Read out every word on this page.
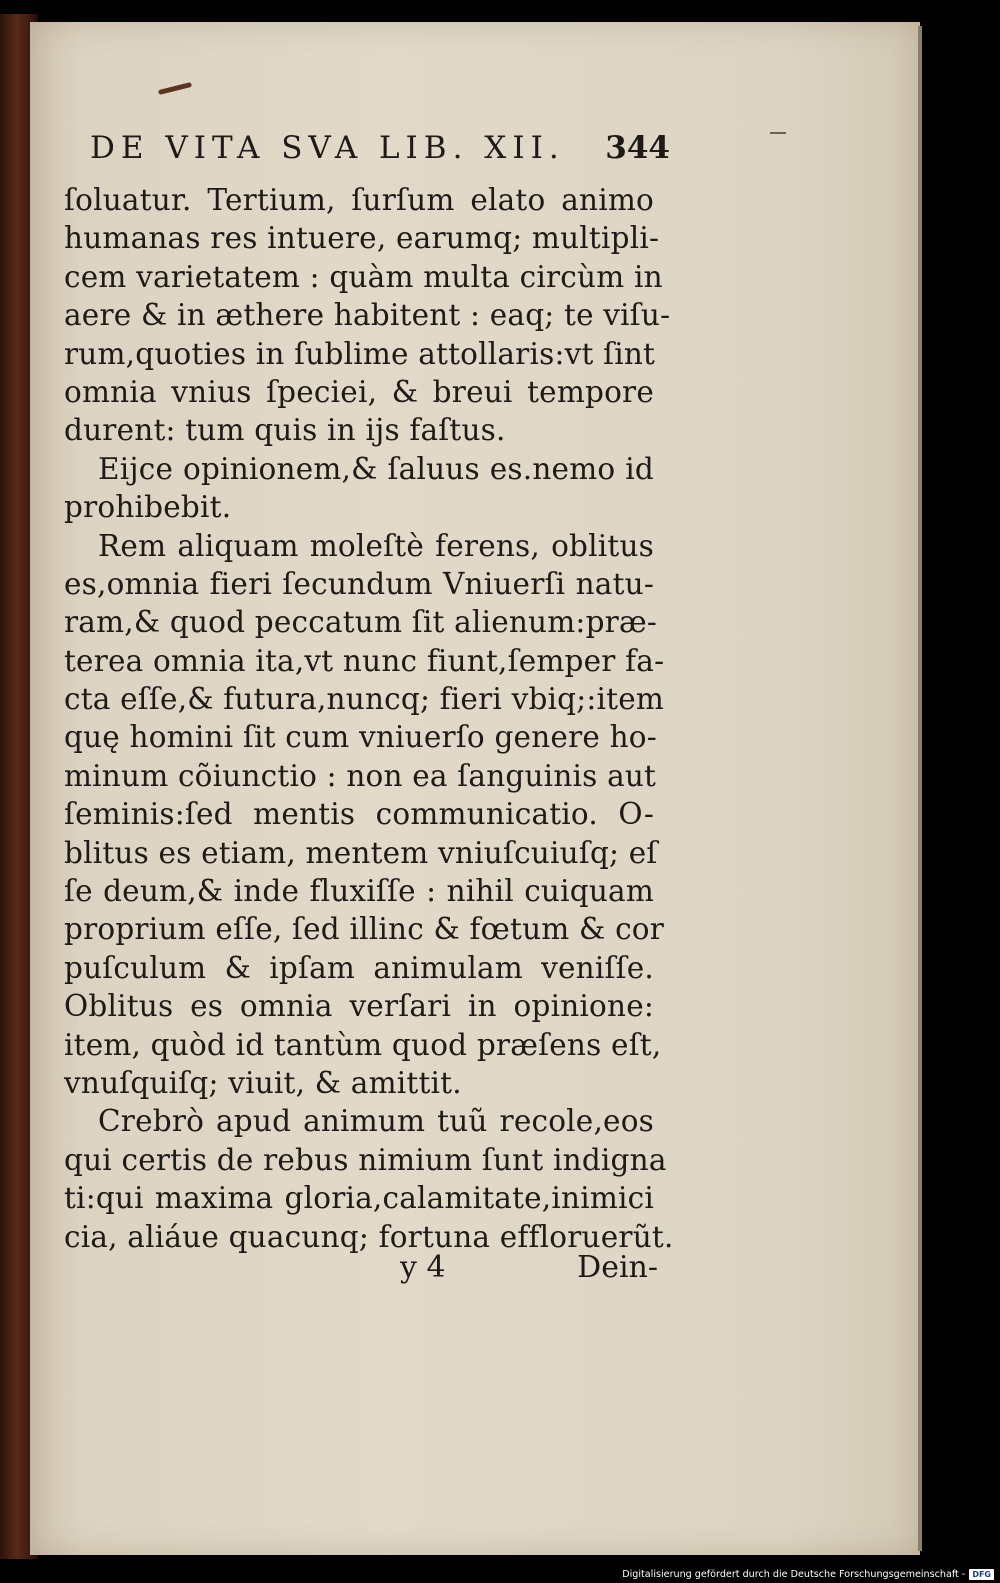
DE VITA SVA LIB. XII. 344
ſoluatur. Tertium, ſurſum elato animo
humanas res intuere, earumq; multipli-
cem varietatem : quàm multa circùm in
aere & in æthere habitent : eaq; te viſu-
rum,quoties in ſublime attollaris:vt ſint
omnia vnius ſpeciei, & breui tempore
durent: tum quis in ijs faſtus.
Eijce opinionem,& ſaluus es.nemo id
prohibebit.
Rem aliquam moleſtè ferens, oblitus
es,omnia fieri ſecundum Vniuerſi natu-
ram,& quod peccatum ſit alienum:præ-
terea omnia ita,vt nunc fiunt,ſemper fa-
cta eſſe,& futura,nuncq; fieri vbiq;:item
quę homini ſit cum vniuerſo genere ho-
minum cõiunctio : non ea ſanguinis aut
ſeminis:ſed mentis communicatio. O-
blitus es etiam, mentem vniuſcuiuſq; eſ
ſe deum,& inde fluxiſſe : nihil cuiquam
proprium eſſe, ſed illinc & fœtum & cor
puſculum & ipſam animulam veniſſe.
Oblitus es omnia verſari in opinione:
item, quòd id tantùm quod præſens eſt,
vnuſquiſq; viuit, & amittit.
Crebrò apud animum tuũ recole,eos
qui certis de rebus nimium ſunt indigna
ti:qui maxima gloria,calamitate,inimici
cia, aliáue quacunq; fortuna effloruerũt.
y 4	Dein-
Digitalisierung gefördert durch die Deutsche Forschungsgemeinschaft - DFG
